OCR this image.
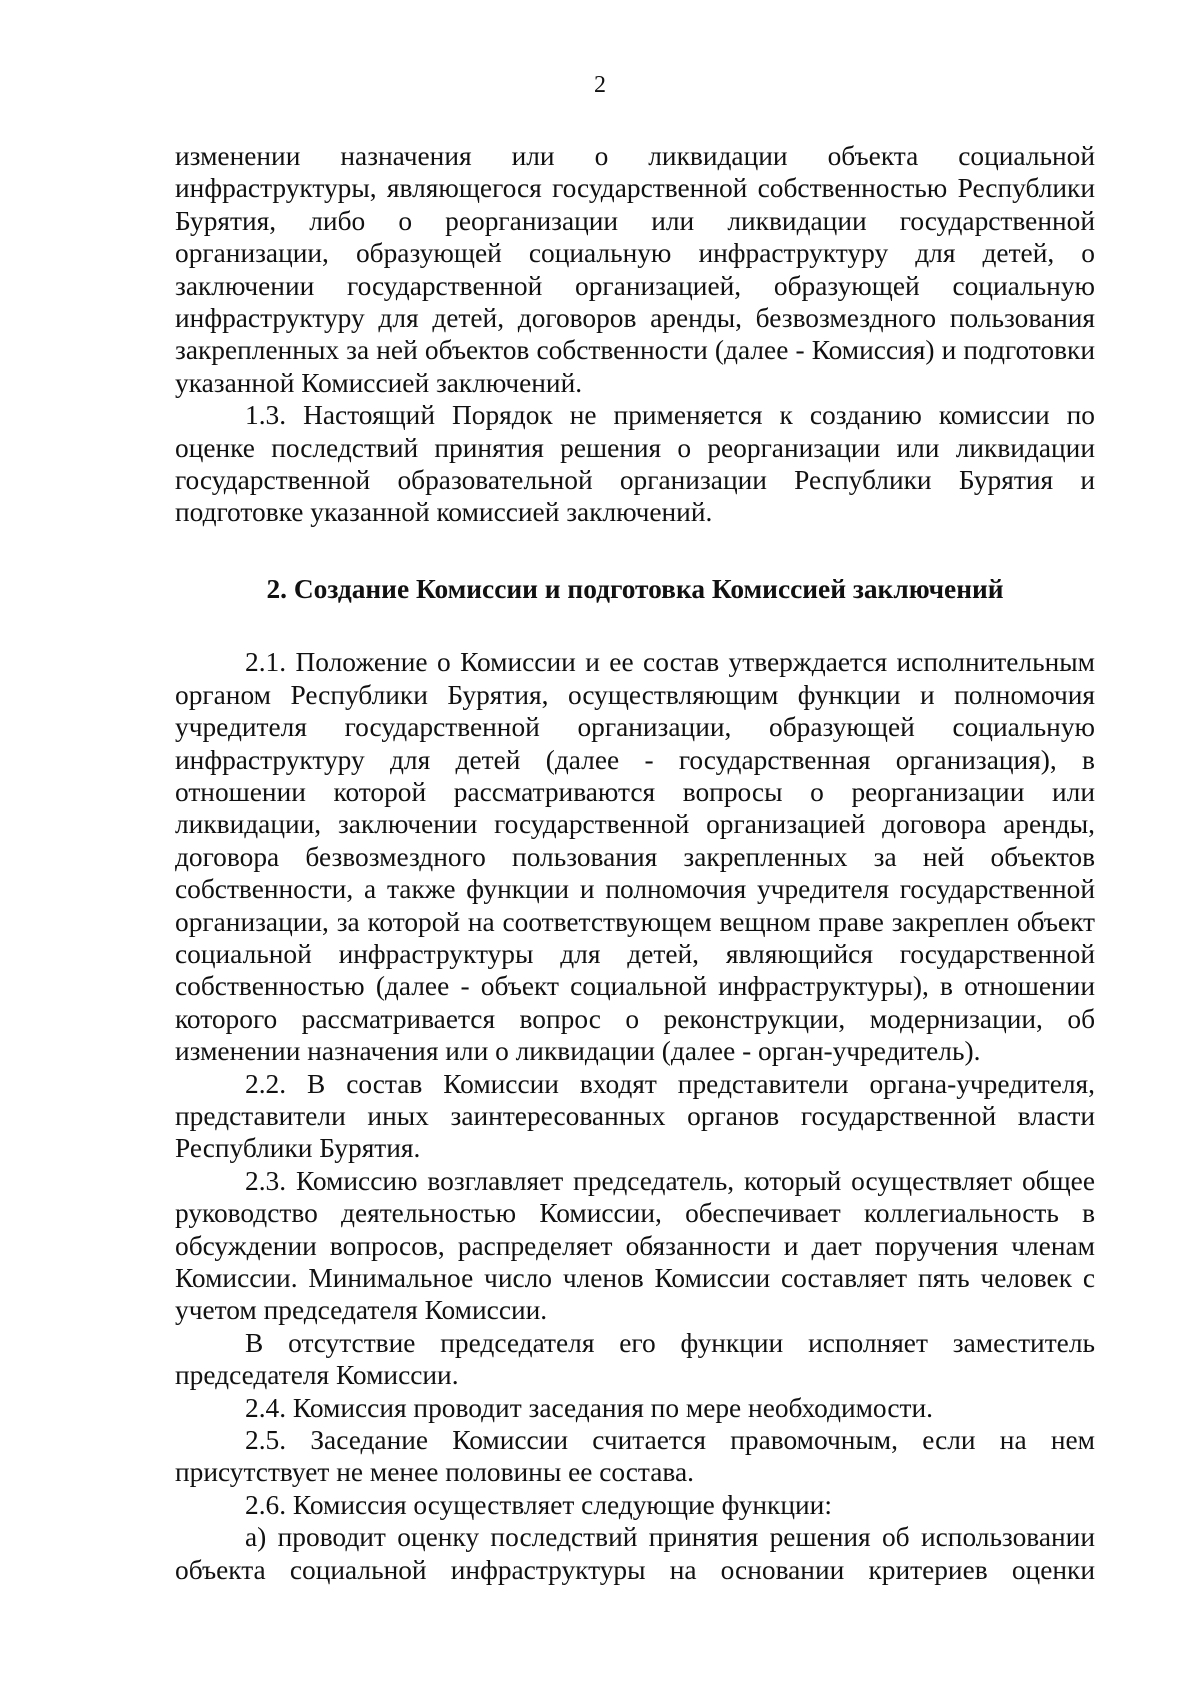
2

изменении назначения или о ликвидации объекта социальной инфраструктуры, являющегося государственной собственностью Республики Бурятия, либо о реорганизации или ликвидации государственной организации, образующей социальную инфраструктуру для детей, о заключении государственной организацией, образующей социальную инфраструктуру для детей, договоров аренды, безвозмездного пользования закрепленных за ней объектов собственности (далее - Комиссия) и подготовки указанной Комиссией заключений.

1.3. Настоящий Порядок не применяется к созданию комиссии по оценке последствий принятия решения о реорганизации или ликвидации государственной образовательной организации Республики Бурятия и подготовке указанной комиссией заключений.

2. Создание Комиссии и подготовка Комиссией заключений

2.1. Положение о Комиссии и ее состав утверждается исполнительным органом Республики Бурятия, осуществляющим функции и полномочия учредителя государственной организации, образующей социальную инфраструктуру для детей (далее - государственная организация), в отношении которой рассматриваются вопросы о реорганизации или ликвидации, заключении государственной организацией договора аренды, договора безвозмездного пользования закрепленных за ней объектов собственности, а также функции и полномочия учредителя государственной организации, за которой на соответствующем вещном праве закреплен объект социальной инфраструктуры для детей, являющийся государственной собственностью (далее - объект социальной инфраструктуры), в отношении которого рассматривается вопрос о реконструкции, модернизации, об изменении назначения или о ликвидации (далее - орган-учредитель).

2.2. В состав Комиссии входят представители органа-учредителя, представители иных заинтересованных органов государственной власти Республики Бурятия.

2.3. Комиссию возглавляет председатель, который осуществляет общее руководство деятельностью Комиссии, обеспечивает коллегиальность в обсуждении вопросов, распределяет обязанности и дает поручения членам Комиссии. Минимальное число членов Комиссии составляет пять человек с учетом председателя Комиссии.

В отсутствие председателя его функции исполняет заместитель председателя Комиссии.

2.4. Комиссия проводит заседания по мере необходимости.

2.5. Заседание Комиссии считается правомочным, если на нем присутствует не менее половины ее состава.

2.6. Комиссия осуществляет следующие функции:

а) проводит оценку последствий принятия решения об использовании объекта социальной инфраструктуры на основании критериев оценки
